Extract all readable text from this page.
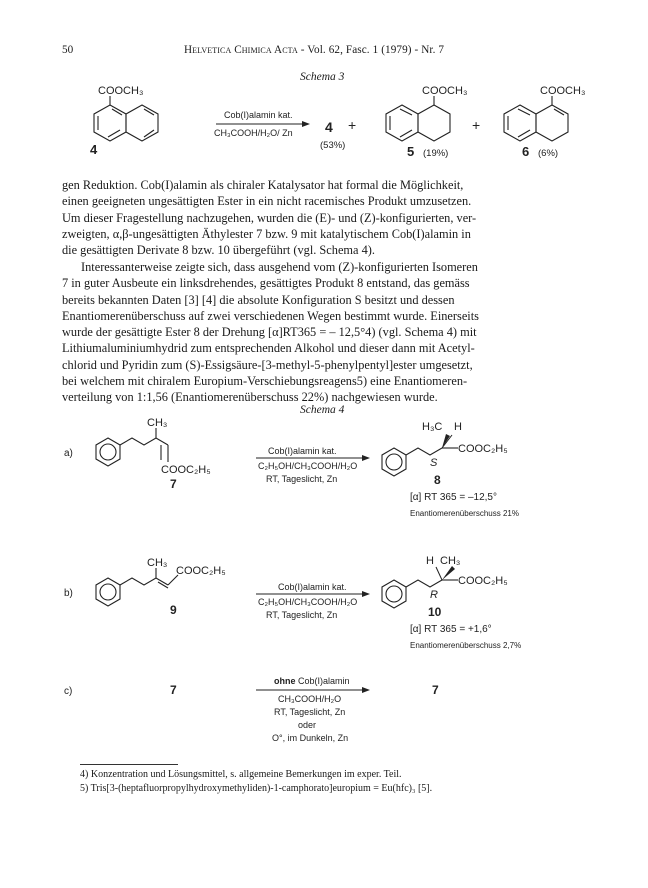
50	Helvetica Chimica Acta - Vol. 62, Fasc. 1 (1979) - Nr. 7
Schema 3
COOCH₃
4
Cob(I)alamin kat.
CH₃COOH/H₂O/ Zn 4 +
(53%)
COOCH₃
5 (19%)
+
COOCH₃
6 (6%)

gen Reduktion. Cob(I)alamin als chiraler Katalysator hat formal die Möglichkeit,

einen geeigneten ungesättigten Ester in ein nicht racemisches Produkt umzusetzen.

Um dieser Fragestellung nachzugehen, wurden die (E)- und (Z)-konfigurierten, ver-

zweigten, α,β-ungesättigten Äthylester 7 bzw. 9 mit katalytischem Cob(I)alamin in

die gesättigten Derivate 8 bzw. 10 übergeführt (vgl. Schema 4).

Interessanterweise zeigte sich, dass ausgehend vom (Z)-konfigurierten Isomeren

7 in guter Ausbeute ein linksdrehendes, gesättigtes Produkt 8 entstand, das gemäss

bereits bekannten Daten [3] [4] die absolute Konfiguration S besitzt und dessen

Enantiomerenüberschuss auf zwei verschiedenen Wegen bestimmt wurde. Einerseits

wurde der gesättigte Ester 8 der Drehung [α]RT365 = – 12,5°4) (vgl. Schema 4) mit

Lithiumaluminiumhydrid zum entsprechenden Alkohol und dieser dann mit Acetyl-

chlorid und Pyridin zum (S)-Essigsäure-[3-methyl-5-phenylpentyl]ester umgesetzt,

bei welchem mit chiralem Europium-Verschiebungsreagens5) eine Enantiomeren-

verteilung von 1:1,56 (Enantiomerenüberschuss 22%) nachgewiesen wurde.

Schema 4
a)
CH₃
COOC₂H₅
7
Cob(I)alamin kat.
C₂H₅OH/CH₃COOH/H₂O
RT, Tageslicht, Zn
H₃C H
COOC₂H₅
S
8
[α] RT 365 = –12,5°
Enantiomerenüberschuss 21%
b)
CH₃
COOC₂H₅
9
Cob(I)alamin kat.
C₂H₅OH/CH₃COOH/H₂O
RT, Tageslicht, Zn
H CH₃
COOC₂H₅
R
10
[α] RT 365 = +1,6°
Enantiomerenüberschuss 2,7%
c)	7
ohne Cob(I)alamin
CH₃COOH/H₂O
RT, Tageslicht, Zn
oder
O°, im Dunkeln, Zn
7
4) Konzentration und Lösungsmittel, s. allgemeine Bemerkungen im exper. Teil.
5) Tris[3-(heptafluorpropylhydroxymethyliden)-1-camphorato]europium = Eu(hfc)₃ [5].
